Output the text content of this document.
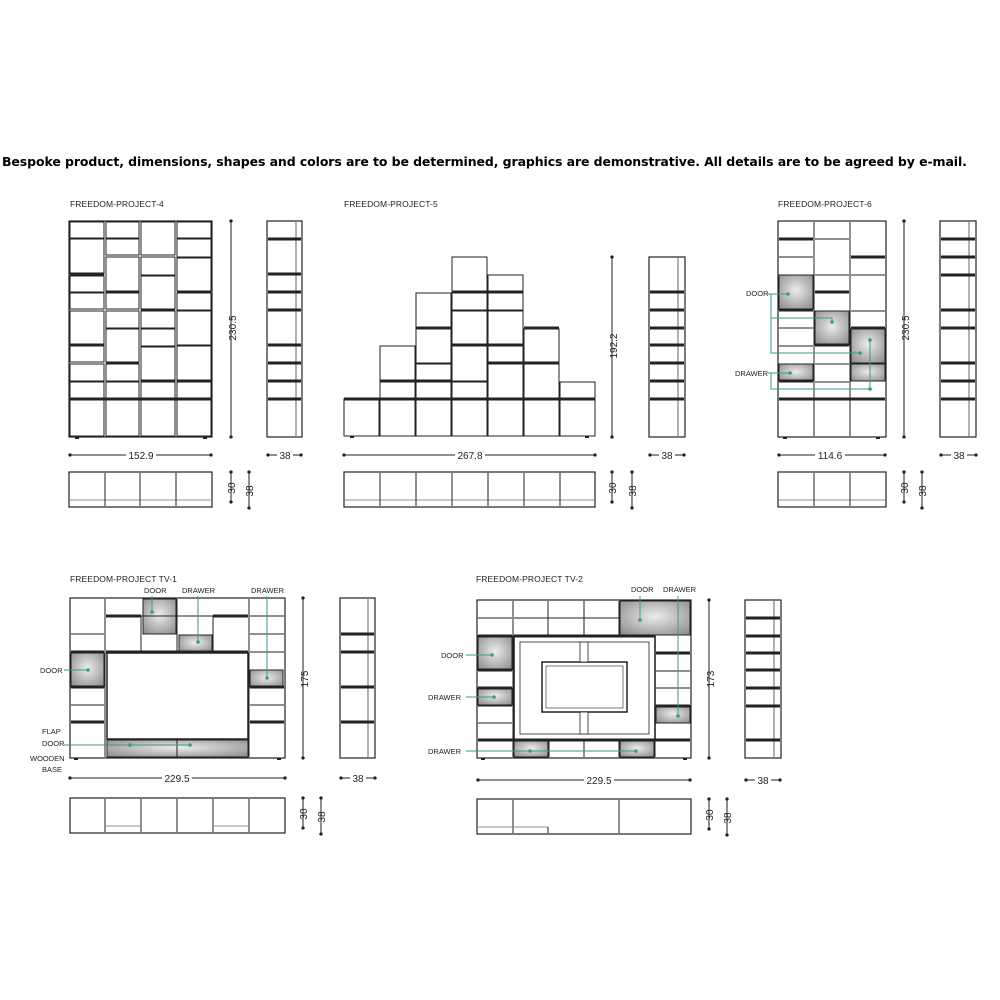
Bespoke product, dimensions, shapes and colors are to be determined, graphics are demonstrative. All details are to be agreed by e-mail.
FREEDOM-PROJECT-4	FREEDOM-PROJECT-5	FREEDOM-PROJECT-6
FREEDOM-PROJECT TV-1	FREEDOM-PROJECT TV-2
230.5
152.9	38
30 38
192.2
267.8	38
30 38
DOOR
DRAWER
230.5
114.6	38
30 38
DOOR DRAWER	DRAWER
DOOR
FLAP
DOOR
WOODEN
BASE
175
229.5	38
30 38
DOOR DRAWER
DOOR
DRAWER
DRAWER
173
229.5	38
30 38
